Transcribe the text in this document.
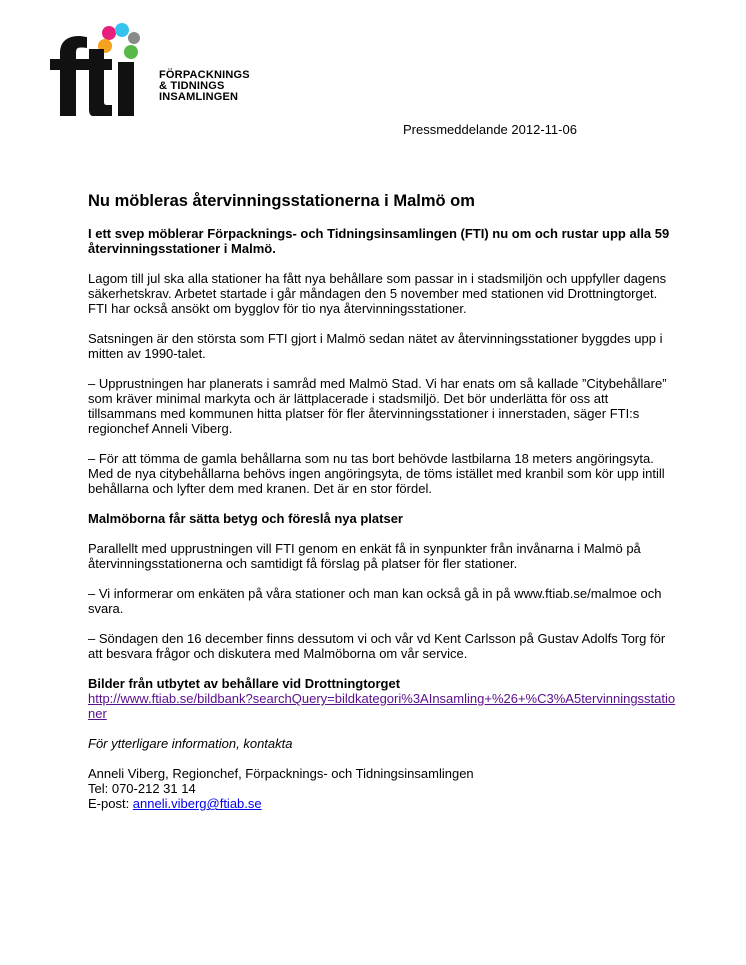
FÖRPACKNINGS
& TIDNINGS
INSAMLINGEN
Pressmeddelande 2012-11-06
Nu möbleras återvinningsstationerna i Malmö om

I ett svep möblerar Förpacknings- och Tidningsinsamlingen (FTI) nu om och rustar upp alla 59 återvinningsstationer i Malmö.

Lagom till jul ska alla stationer ha fått nya behållare som passar in i stadsmiljön och uppfyller dagens säkerhetskrav. Arbetet startade i går måndagen den 5 november med stationen vid Drottningtorget. FTI har också ansökt om bygglov för tio nya återvinningsstationer.

Satsningen är den största som FTI gjort i Malmö sedan nätet av återvinningsstationer byggdes upp i mitten av 1990-talet.

– Upprustningen har planerats i samråd med Malmö Stad. Vi har enats om så kallade ”Citybehållare” som kräver minimal markyta och är lättplacerade i stadsmiljö. Det bör underlätta för oss att tillsammans med kommunen hitta platser för fler återvinningsstationer i innerstaden, säger FTI:s regionchef Anneli Viberg.

– För att tömma de gamla behållarna som nu tas bort behövde lastbilarna 18 meters angöringsyta. Med de nya citybehållarna behövs ingen angöringsyta, de töms istället med kranbil som kör upp intill behållarna och lyfter dem med kranen. Det är en stor fördel.

Malmöborna får sätta betyg och föreslå nya platser

Parallellt med upprustningen vill FTI genom en enkät få in synpunkter från invånarna i Malmö på återvinningsstationerna och samtidigt få förslag på platser för fler stationer.

– Vi informerar om enkäten på våra stationer och man kan också gå in på www.ftiab.se/malmoe och svara.

– Söndagen den 16 december finns dessutom vi och vår vd Kent Carlsson på Gustav Adolfs Torg för att besvara frågor och diskutera med Malmöborna om vår service.

Bilder från utbytet av behållare vid Drottningtorget
http://www.ftiab.se/bildbank?searchQuery=bildkategori%3AInsamling+%26+%C3%A5tervinningsstationer

För ytterligare information, kontakta

Anneli Viberg, Regionchef, Förpacknings- och Tidningsinsamlingen
Tel: 070-212 31 14
E-post: anneli.viberg@ftiab.se
